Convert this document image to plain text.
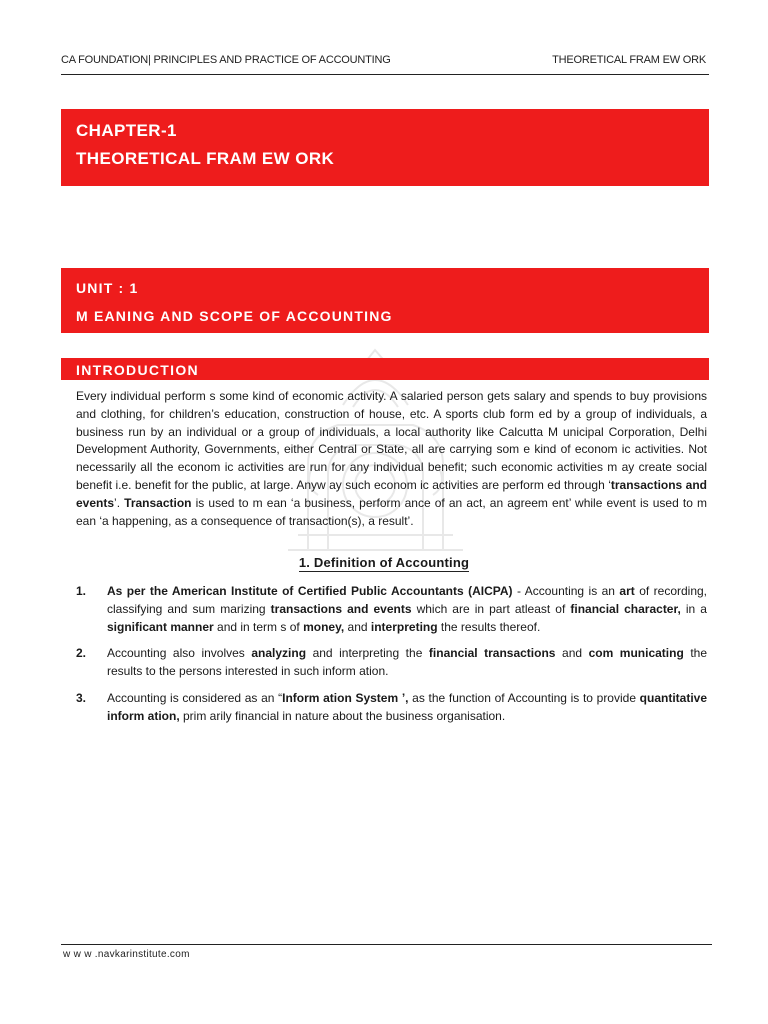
CA FOUNDATION| PRINCIPLES AND PRACTICE OF ACCOUNTING	THEORETICAL FRAM EW ORK
CHAPTER-1
THEORETICAL FRAM EW ORK
UNIT : 1
M EANING AND SCOPE OF ACCOUNTING
INTRODUCTION
Every individual perform s some kind of economic activity. A salaried person gets salary and spends to buy provisions and clothing, for children’s education, construction of house, etc. A sports club form ed by a group of individuals, a business run by an individual or a group of individuals, a local authority like Calcutta M unicipal Corporation, Delhi Development Authority, Governments, either Central or State, all are carrying som e kind of econom ic activities. Not necessarily all the econom ic activities are run for any individual benefit; such economic activities m ay create social benefit i.e. benefit for the public, at large. Anyw ay such econom ic activities are perform ed through ‘transactions and events’. Transaction is used to m ean ‘a business, perform ance of an act, an agreem ent’ while event is used to m ean ‘a happening, as a consequence of transaction(s), a result’.
1. Definition of Accounting
1.	As per the American Institute of Certified Public Accountants (AICPA) - Accounting is an art of recording, classifying and sum marizing transactions and events which are in part atleast of financial character, in a significant manner and in term s of money, and interpreting the results thereof.
2.	Accounting also involves analyzing and interpreting the financial transactions and com municating the results to the persons interested in such inform ation.
3.	Accounting is considered as an “Inform ation System ’, as the function of Accounting is to provide quantitative inform ation, prim arily financial in nature about the business organisation.
w w w .navkarinstitute.com
